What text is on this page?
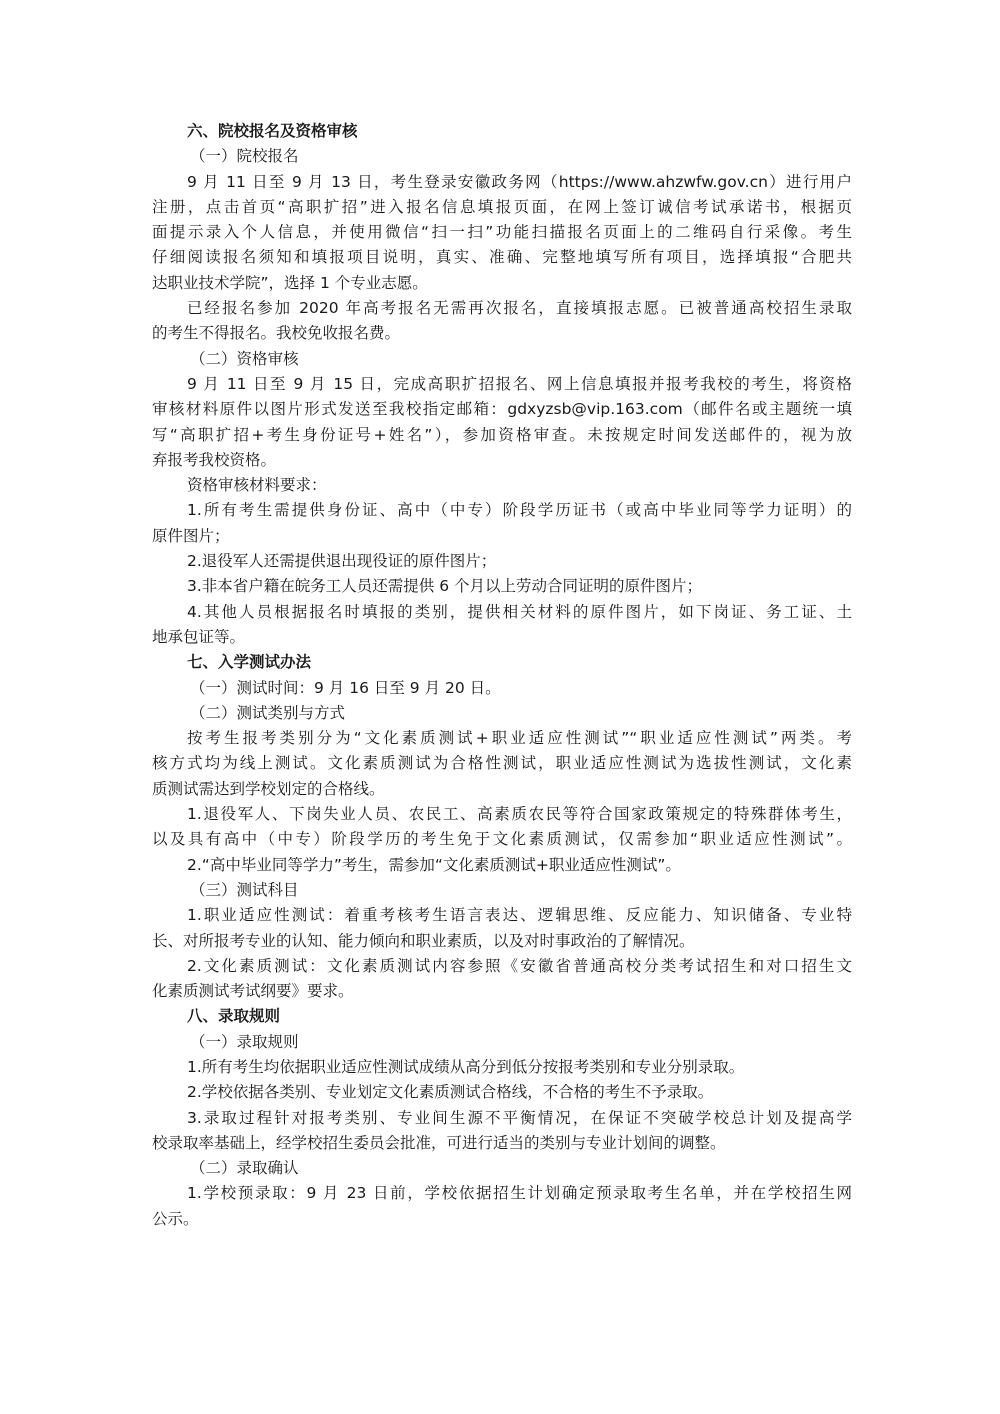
六、院校报名及资格审核
（一）院校报名
9 月 11 日至 9 月 13 日，考生登录安徽政务网（https://www.ahzwfw.gov.cn）进行用户
注册，点击首页“高职扩招”进入报名信息填报页面，在网上签订诚信考试承诺书，根据页
面提示录入个人信息，并使用微信“扫一扫”功能扫描报名页面上的二维码自行采像。考生
仔细阅读报名须知和填报项目说明，真实、准确、完整地填写所有项目，选择填报“合肥共
达职业技术学院”，选择 1 个专业志愿。
已经报名参加 2020 年高考报名无需再次报名，直接填报志愿。已被普通高校招生录取
的考生不得报名。我校免收报名费。
（二）资格审核
9 月 11 日至 9 月 15 日，完成高职扩招报名、网上信息填报并报考我校的考生，将资格
审核材料原件以图片形式发送至我校指定邮箱：gdxyzsb@vip.163.com（邮件名或主题统一填
写“高职扩招+考生身份证号+姓名”），参加资格审查。未按规定时间发送邮件的，视为放
弃报考我校资格。
资格审核材料要求：
1.所有考生需提供身份证、高中（中专）阶段学历证书（或高中毕业同等学力证明）的
原件图片；
2.退役军人还需提供退出现役证的原件图片；
3.非本省户籍在皖务工人员还需提供 6 个月以上劳动合同证明的原件图片；
4.其他人员根据报名时填报的类别，提供相关材料的原件图片，如下岗证、务工证、土
地承包证等。
七、入学测试办法
（一）测试时间：9 月 16 日至 9 月 20 日。
（二）测试类别与方式
按考生报考类别分为“文化素质测试+职业适应性测试”“职业适应性测试”两类。考
核方式均为线上测试。文化素质测试为合格性测试，职业适应性测试为选拔性测试，文化素
质测试需达到学校划定的合格线。
1.退役军人、下岗失业人员、农民工、高素质农民等符合国家政策规定的特殊群体考生，
以及具有高中（中专）阶段学历的考生免于文化素质测试，仅需参加“职业适应性测试”。
2.“高中毕业同等学力”考生，需参加“文化素质测试+职业适应性测试”。
（三）测试科目
1.职业适应性测试：着重考核考生语言表达、逻辑思维、反应能力、知识储备、专业特
长、对所报考专业的认知、能力倾向和职业素质，以及对时事政治的了解情况。
2.文化素质测试：文化素质测试内容参照《安徽省普通高校分类考试招生和对口招生文
化素质测试考试纲要》要求。
八、录取规则
（一）录取规则
1.所有考生均依据职业适应性测试成绩从高分到低分按报考类别和专业分别录取。
2.学校依据各类别、专业划定文化素质测试合格线，不合格的考生不予录取。
3.录取过程针对报考类别、专业间生源不平衡情况，在保证不突破学校总计划及提高学
校录取率基础上，经学校招生委员会批准，可进行适当的类别与专业计划间的调整。
（二）录取确认
1.学校预录取：9 月 23 日前，学校依据招生计划确定预录取考生名单，并在学校招生网
公示。
